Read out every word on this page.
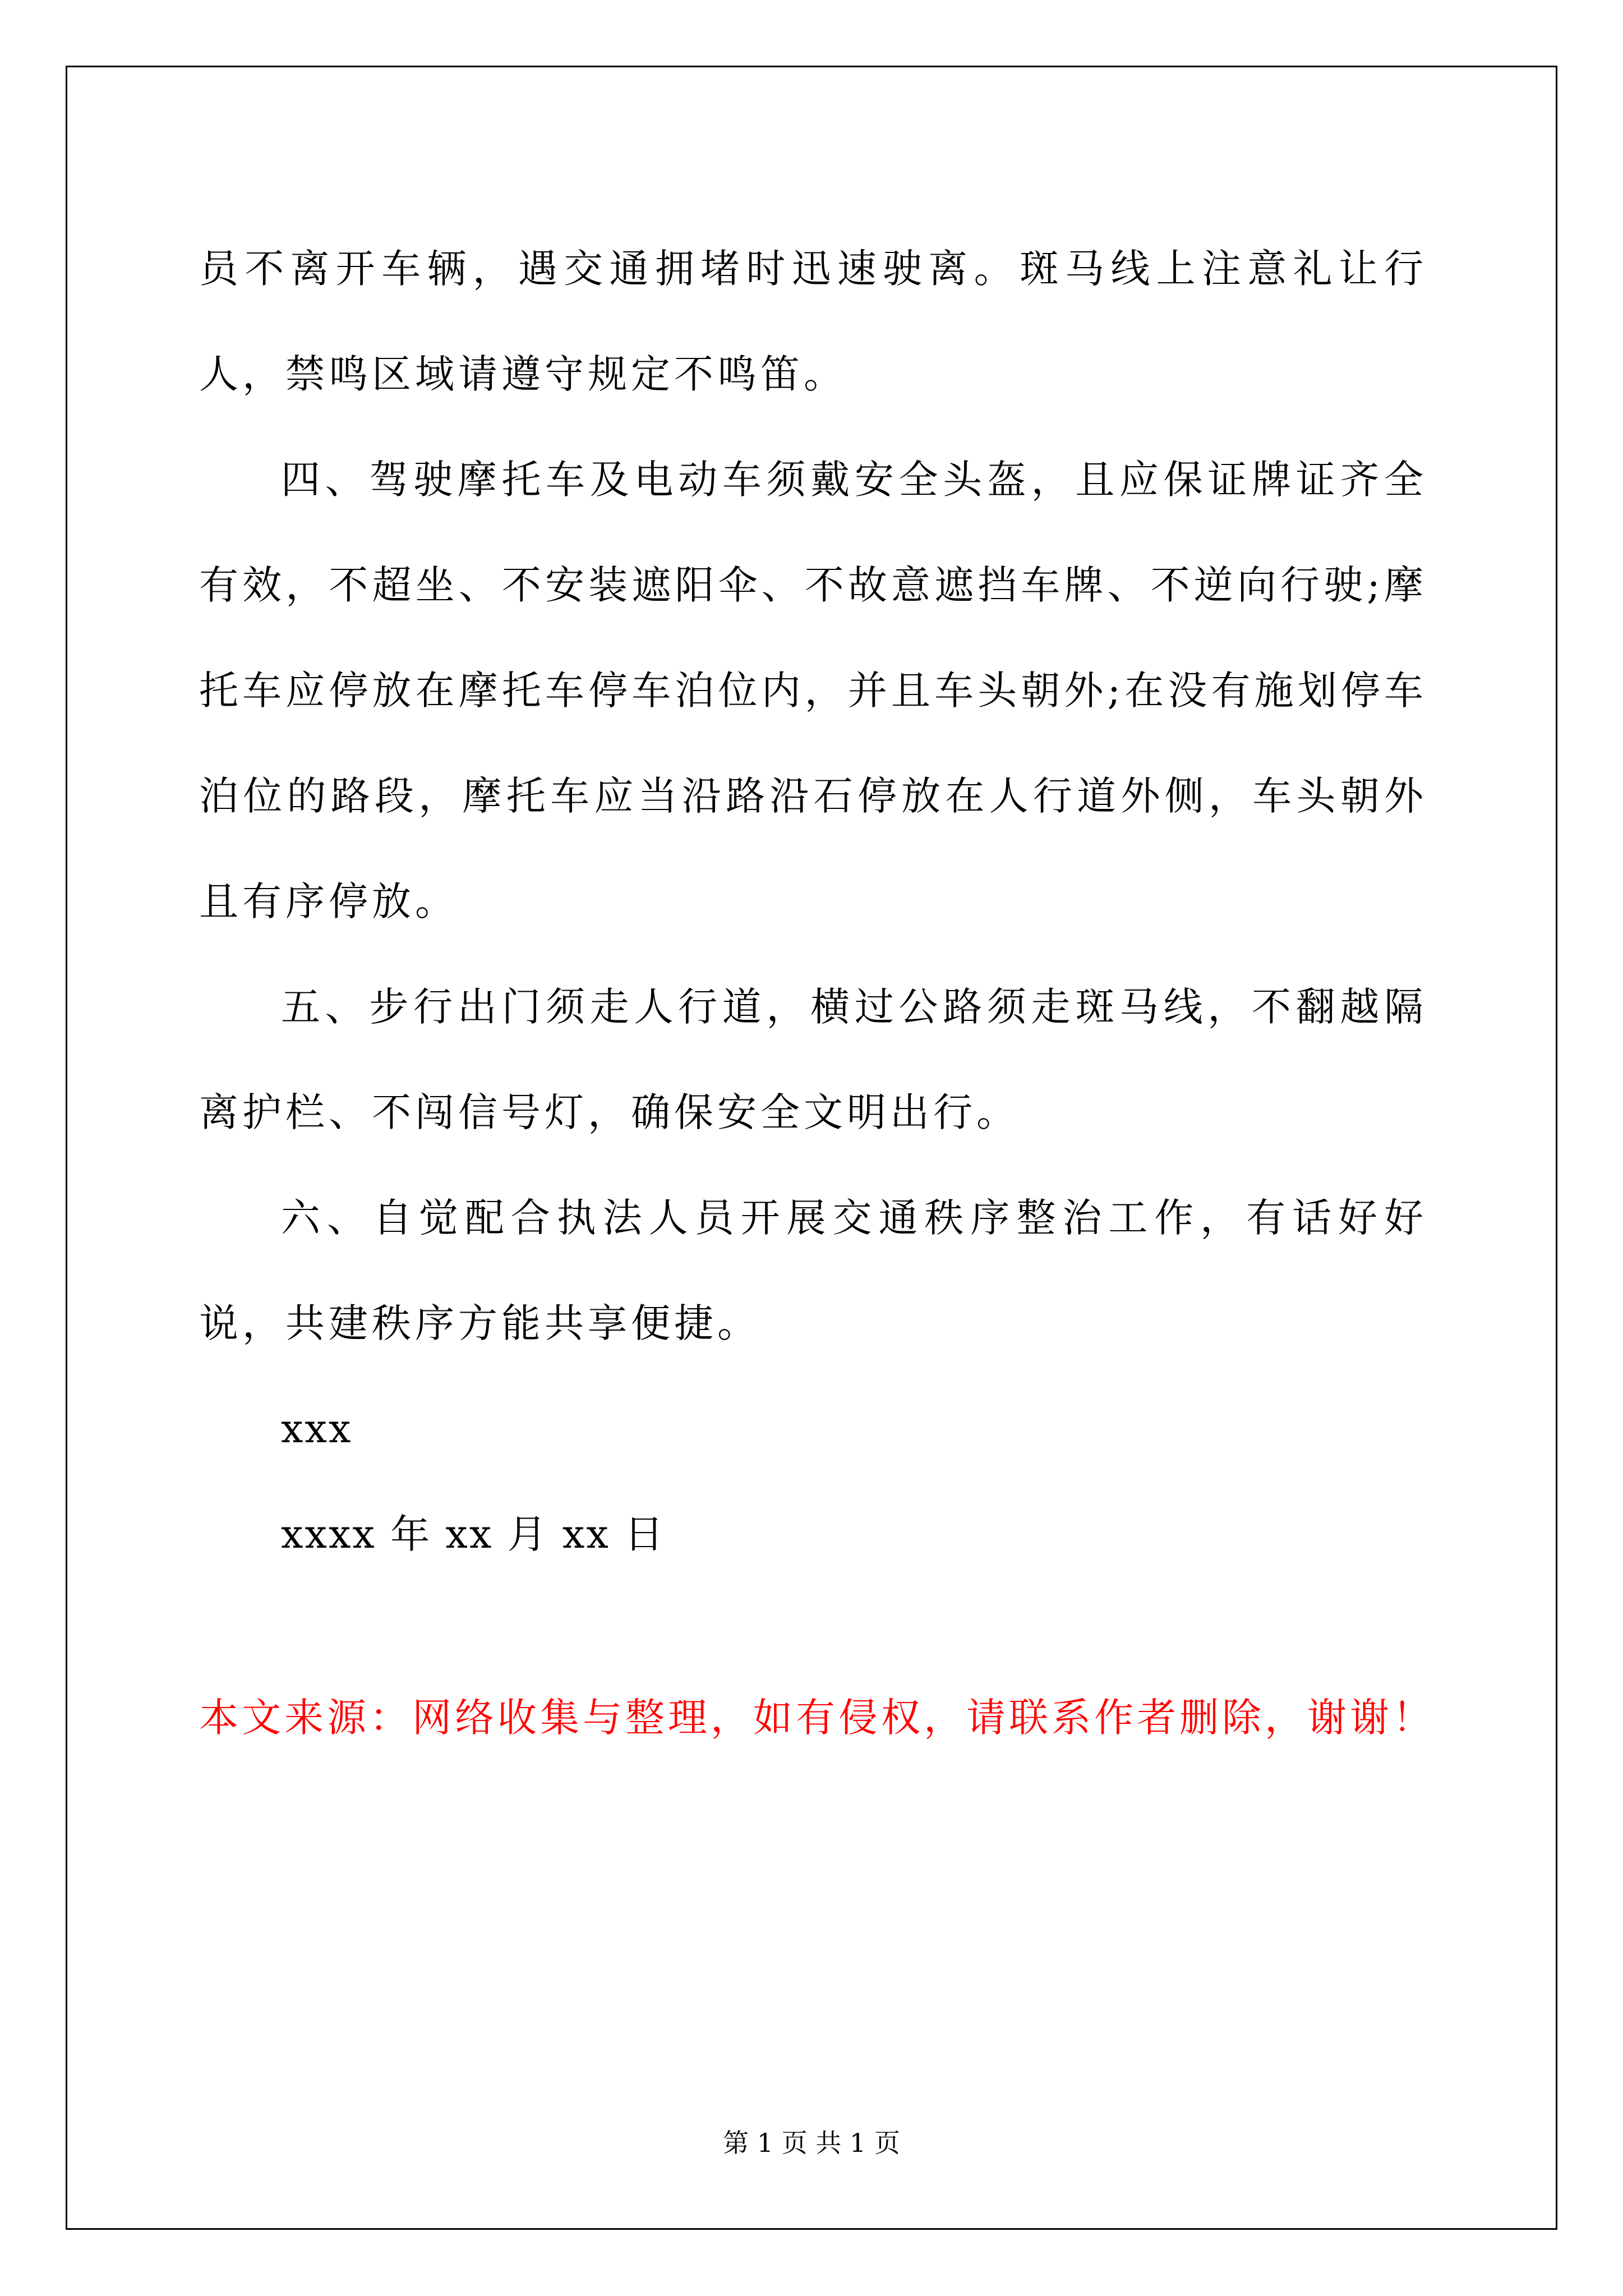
员不离开车辆，遇交通拥堵时迅速驶离。斑马线上注意礼让行人，禁鸣区域请遵守规定不鸣笛。

四、驾驶摩托车及电动车须戴安全头盔，且应保证牌证齐全有效，不超坐、不安装遮阳伞、不故意遮挡车牌、不逆向行驶;摩托车应停放在摩托车停车泊位内，并且车头朝外;在没有施划停车泊位的路段，摩托车应当沿路沿石停放在人行道外侧，车头朝外且有序停放。

五、步行出门须走人行道，横过公路须走斑马线，不翻越隔离护栏、不闯信号灯，确保安全文明出行。

六、自觉配合执法人员开展交通秩序整治工作，有话好好说，共建秩序方能共享便捷。

xxx

xxxx 年 xx 月 xx 日

本文来源：网络收集与整理，如有侵权，请联系作者删除，谢谢！

第 1 页 共 1 页
